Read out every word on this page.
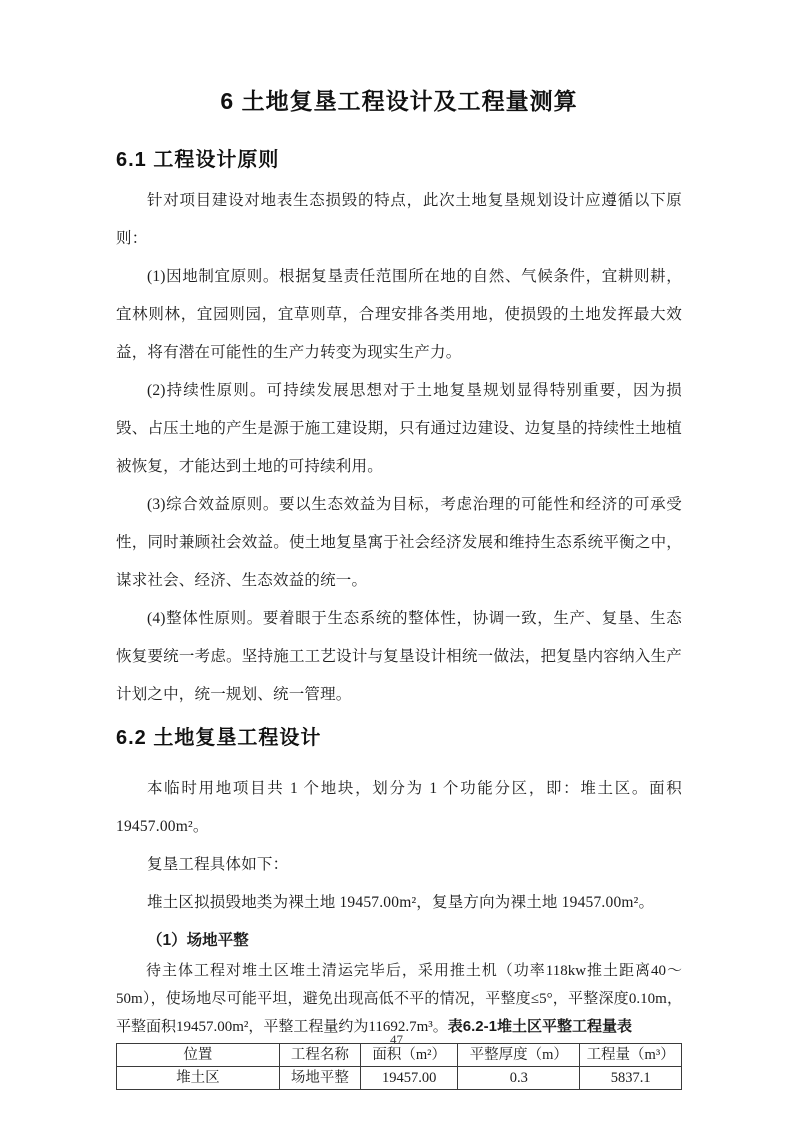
6 土地复垦工程设计及工程量测算
6.1 工程设计原则

针对项目建设对地表生态损毁的特点，此次土地复垦规划设计应遵循以下原则：

(1)因地制宜原则。根据复垦责任范围所在地的自然、气候条件，宜耕则耕，宜林则林，宜园则园，宜草则草，合理安排各类用地，使损毁的土地发挥最大效益，将有潜在可能性的生产力转变为现实生产力。

(2)持续性原则。可持续发展思想对于土地复垦规划显得特别重要，因为损毁、占压土地的产生是源于施工建设期，只有通过边建设、边复垦的持续性土地植被恢复，才能达到土地的可持续利用。

(3)综合效益原则。要以生态效益为目标，考虑治理的可能性和经济的可承受性，同时兼顾社会效益。使土地复垦寓于社会经济发展和维持生态系统平衡之中，谋求社会、经济、生态效益的统一。

(4)整体性原则。要着眼于生态系统的整体性，协调一致，生产、复垦、生态恢复要统一考虑。坚持施工工艺设计与复垦设计相统一做法，把复垦内容纳入生产计划之中，统一规划、统一管理。

6.2 土地复垦工程设计

本临时用地项目共 1 个地块，划分为 1 个功能分区，即：堆土区。面积 19457.00m²。

复垦工程具体如下：

堆土区拟损毁地类为裸土地 19457.00m²，复垦方向为裸土地 19457.00m²。

（1）场地平整

待主体工程对堆土区堆土清运完毕后，采用推土机（功率118kw推土距离40～50m），使场地尽可能平坦，避免出现高低不平的情况，平整度≤5°，平整深度0.10m，平整面积19457.00m²，平整工程量约为11692.7m³。表6.2-1堆土区平整工程量表

位置	工程名称	面积（m²）	平整厚度（m）	工程量（m³）
堆土区	场地平整	19457.00	0.3	5837.1
47
